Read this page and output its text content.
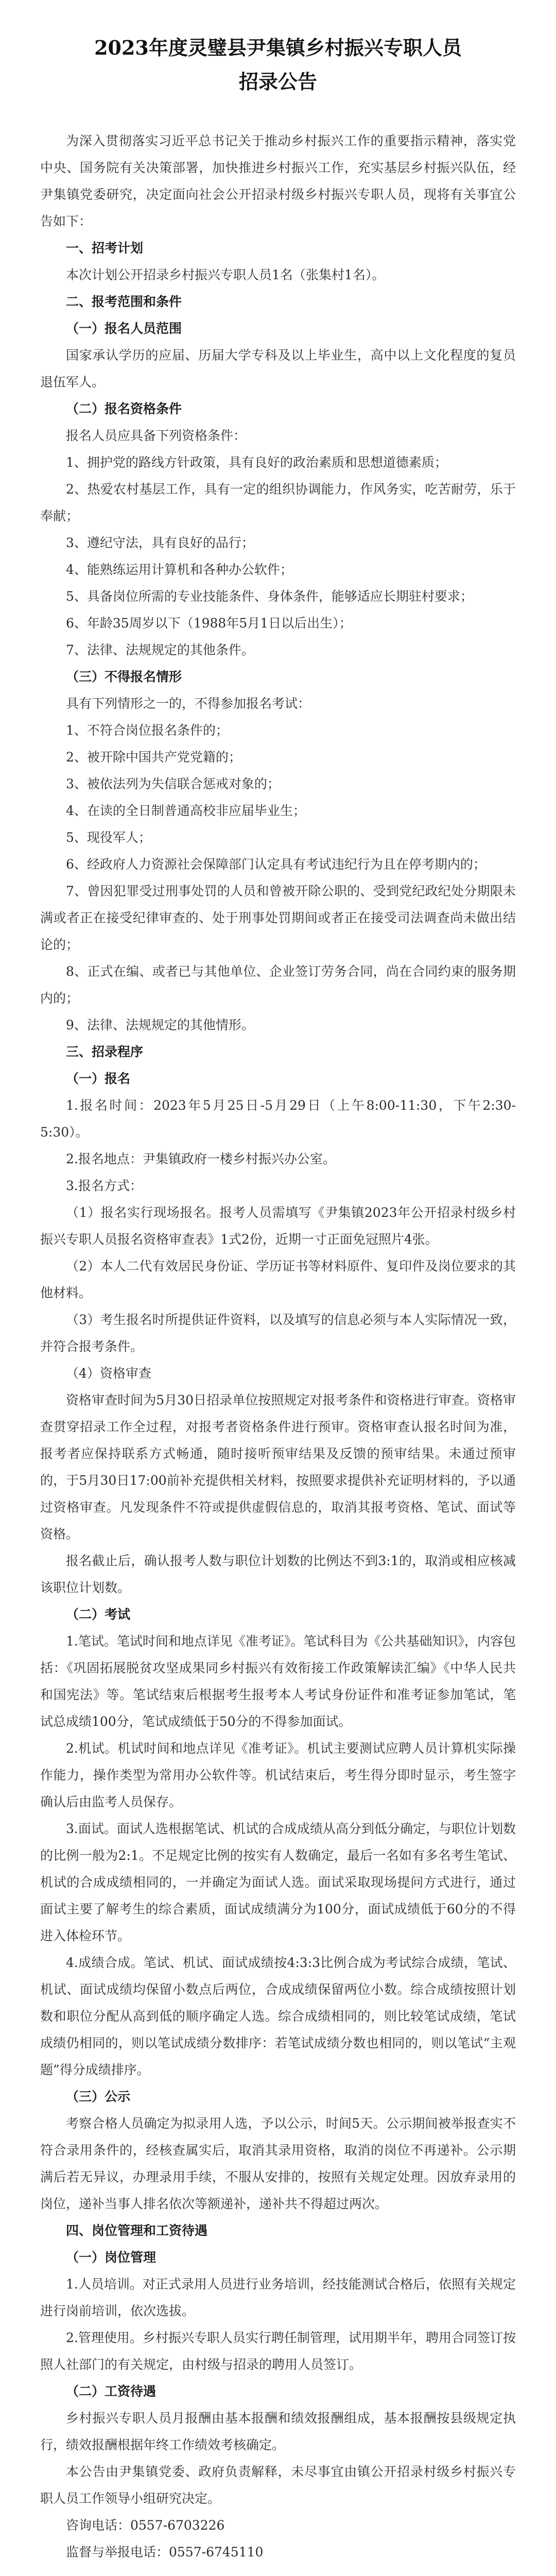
2023年度灵璧县尹集镇乡村振兴专职人员

招录公告

为深入贯彻落实习近平总书记关于推动乡村振兴工作的重要指示精神，落实党中央、国务院有关决策部署，加快推进乡村振兴工作，充实基层乡村振兴队伍，经尹集镇党委研究，决定面向社会公开招录村级乡村振兴专职人员，现将有关事宜公告如下：

一、招考计划

本次计划公开招录乡村振兴专职人员1名（张集村1名）。

二、报考范围和条件

（一）报名人员范围

国家承认学历的应届、历届大学专科及以上毕业生，高中以上文化程度的复员退伍军人。

（二）报名资格条件

报名人员应具备下列资格条件：

1、拥护党的路线方针政策，具有良好的政治素质和思想道德素质；

2、热爱农村基层工作，具有一定的组织协调能力，作风务实，吃苦耐劳，乐于奉献；

3、遵纪守法，具有良好的品行；

4、能熟练运用计算机和各种办公软件；

5、具备岗位所需的专业技能条件、身体条件，能够适应长期驻村要求；

6、年龄35周岁以下（1988年5月1日以后出生）；

7、法律、法规规定的其他条件。

（三）不得报名情形

具有下列情形之一的，不得参加报名考试：

1、不符合岗位报名条件的；

2、被开除中国共产党党籍的；

3、被依法列为失信联合惩戒对象的；

4、在读的全日制普通高校非应届毕业生；

5、现役军人；

6、经政府人力资源社会保障部门认定具有考试违纪行为且在停考期内的；

7、曾因犯罪受过刑事处罚的人员和曾被开除公职的、受到党纪政纪处分期限未满或者正在接受纪律审查的、处于刑事处罚期间或者正在接受司法调查尚未做出结论的；

8、正式在编、或者已与其他单位、企业签订劳务合同，尚在合同约束的服务期内的；

9、法律、法规规定的其他情形。

三、招录程序

（一）报名

1.报名时间：2023年5月25日-5月29日（上午8:00-11:30，下午2:30-5:30）。

2.报名地点：尹集镇政府一楼乡村振兴办公室。

3.报名方式：

（1）报名实行现场报名。报考人员需填写《尹集镇2023年公开招录村级乡村振兴专职人员报名资格审查表》1式2份，近期一寸正面免冠照片4张。

（2）本人二代有效居民身份证、学历证书等材料原件、复印件及岗位要求的其他材料。

（3）考生报名时所提供证件资料，以及填写的信息必须与本人实际情况一致，并符合报考条件。

（4）资格审查

资格审查时间为5月30日招录单位按照规定对报考条件和资格进行审查。资格审查贯穿招录工作全过程，对报考者资格条件进行预审。资格审查认报名时间为准，报考者应保持联系方式畅通，随时接听预审结果及反馈的预审结果。未通过预审的，于5月30日17:00前补充提供相关材料，按照要求提供补充证明材料的，予以通过资格审查。凡发现条件不符或提供虚假信息的，取消其报考资格、笔试、面试等资格。

报名截止后，确认报考人数与职位计划数的比例达不到3:1的，取消或相应核减该职位计划数。

（二）考试

1.笔试。笔试时间和地点详见《准考证》。笔试科目为《公共基础知识》，内容包括：《巩固拓展脱贫攻坚成果同乡村振兴有效衔接工作政策解读汇编》《中华人民共和国宪法》等。笔试结束后根据考生报考本人考试身份证件和准考证参加笔试，笔试总成绩100分，笔试成绩低于50分的不得参加面试。

2.机试。机试时间和地点详见《准考证》。机试主要测试应聘人员计算机实际操作能力，操作类型为常用办公软件等。机试结束后，考生得分即时显示，考生签字确认后由监考人员保存。

3.面试。面试人选根据笔试、机试的合成成绩从高分到低分确定，与职位计划数的比例一般为2:1。不足规定比例的按实有人数确定，最后一名如有多名考生笔试、机试的合成成绩相同的，一并确定为面试人选。面试采取现场提问方式进行，通过面试主要了解考生的综合素质，面试成绩满分为100分，面试成绩低于60分的不得进入体检环节。

4.成绩合成。笔试、机试、面试成绩按4:3:3比例合成为考试综合成绩，笔试、机试、面试成绩均保留小数点后两位，合成成绩保留两位小数。综合成绩按照计划数和职位分配从高到低的顺序确定人选。综合成绩相同的，则比较笔试成绩，笔试成绩仍相同的，则以笔试成绩分数排序：若笔试成绩分数也相同的，则以笔试“主观题”得分成绩排序。

（三）公示

考察合格人员确定为拟录用人选，予以公示，时间5天。公示期间被举报查实不符合录用条件的，经核查属实后，取消其录用资格，取消的岗位不再递补。公示期满后若无异议，办理录用手续，不服从安排的，按照有关规定处理。因放弃录用的岗位，递补当事人排名依次等额递补，递补共不得超过两次。

四、岗位管理和工资待遇

（一）岗位管理

1.人员培训。对正式录用人员进行业务培训，经技能测试合格后，依照有关规定进行岗前培训，依次选拔。

2.管理使用。乡村振兴专职人员实行聘任制管理，试用期半年，聘用合同签订按照人社部门的有关规定，由村级与招录的聘用人员签订。

（二）工资待遇

乡村振兴专职人员月报酬由基本报酬和绩效报酬组成，基本报酬按县级规定执行，绩效报酬根据年终工作绩效考核确定。

本公告由尹集镇党委、政府负责解释，未尽事宜由镇公开招录村级乡村振兴专职人员工作领导小组研究决定。

咨询电话：0557-6703226

监督与举报电话：0557-6745110
